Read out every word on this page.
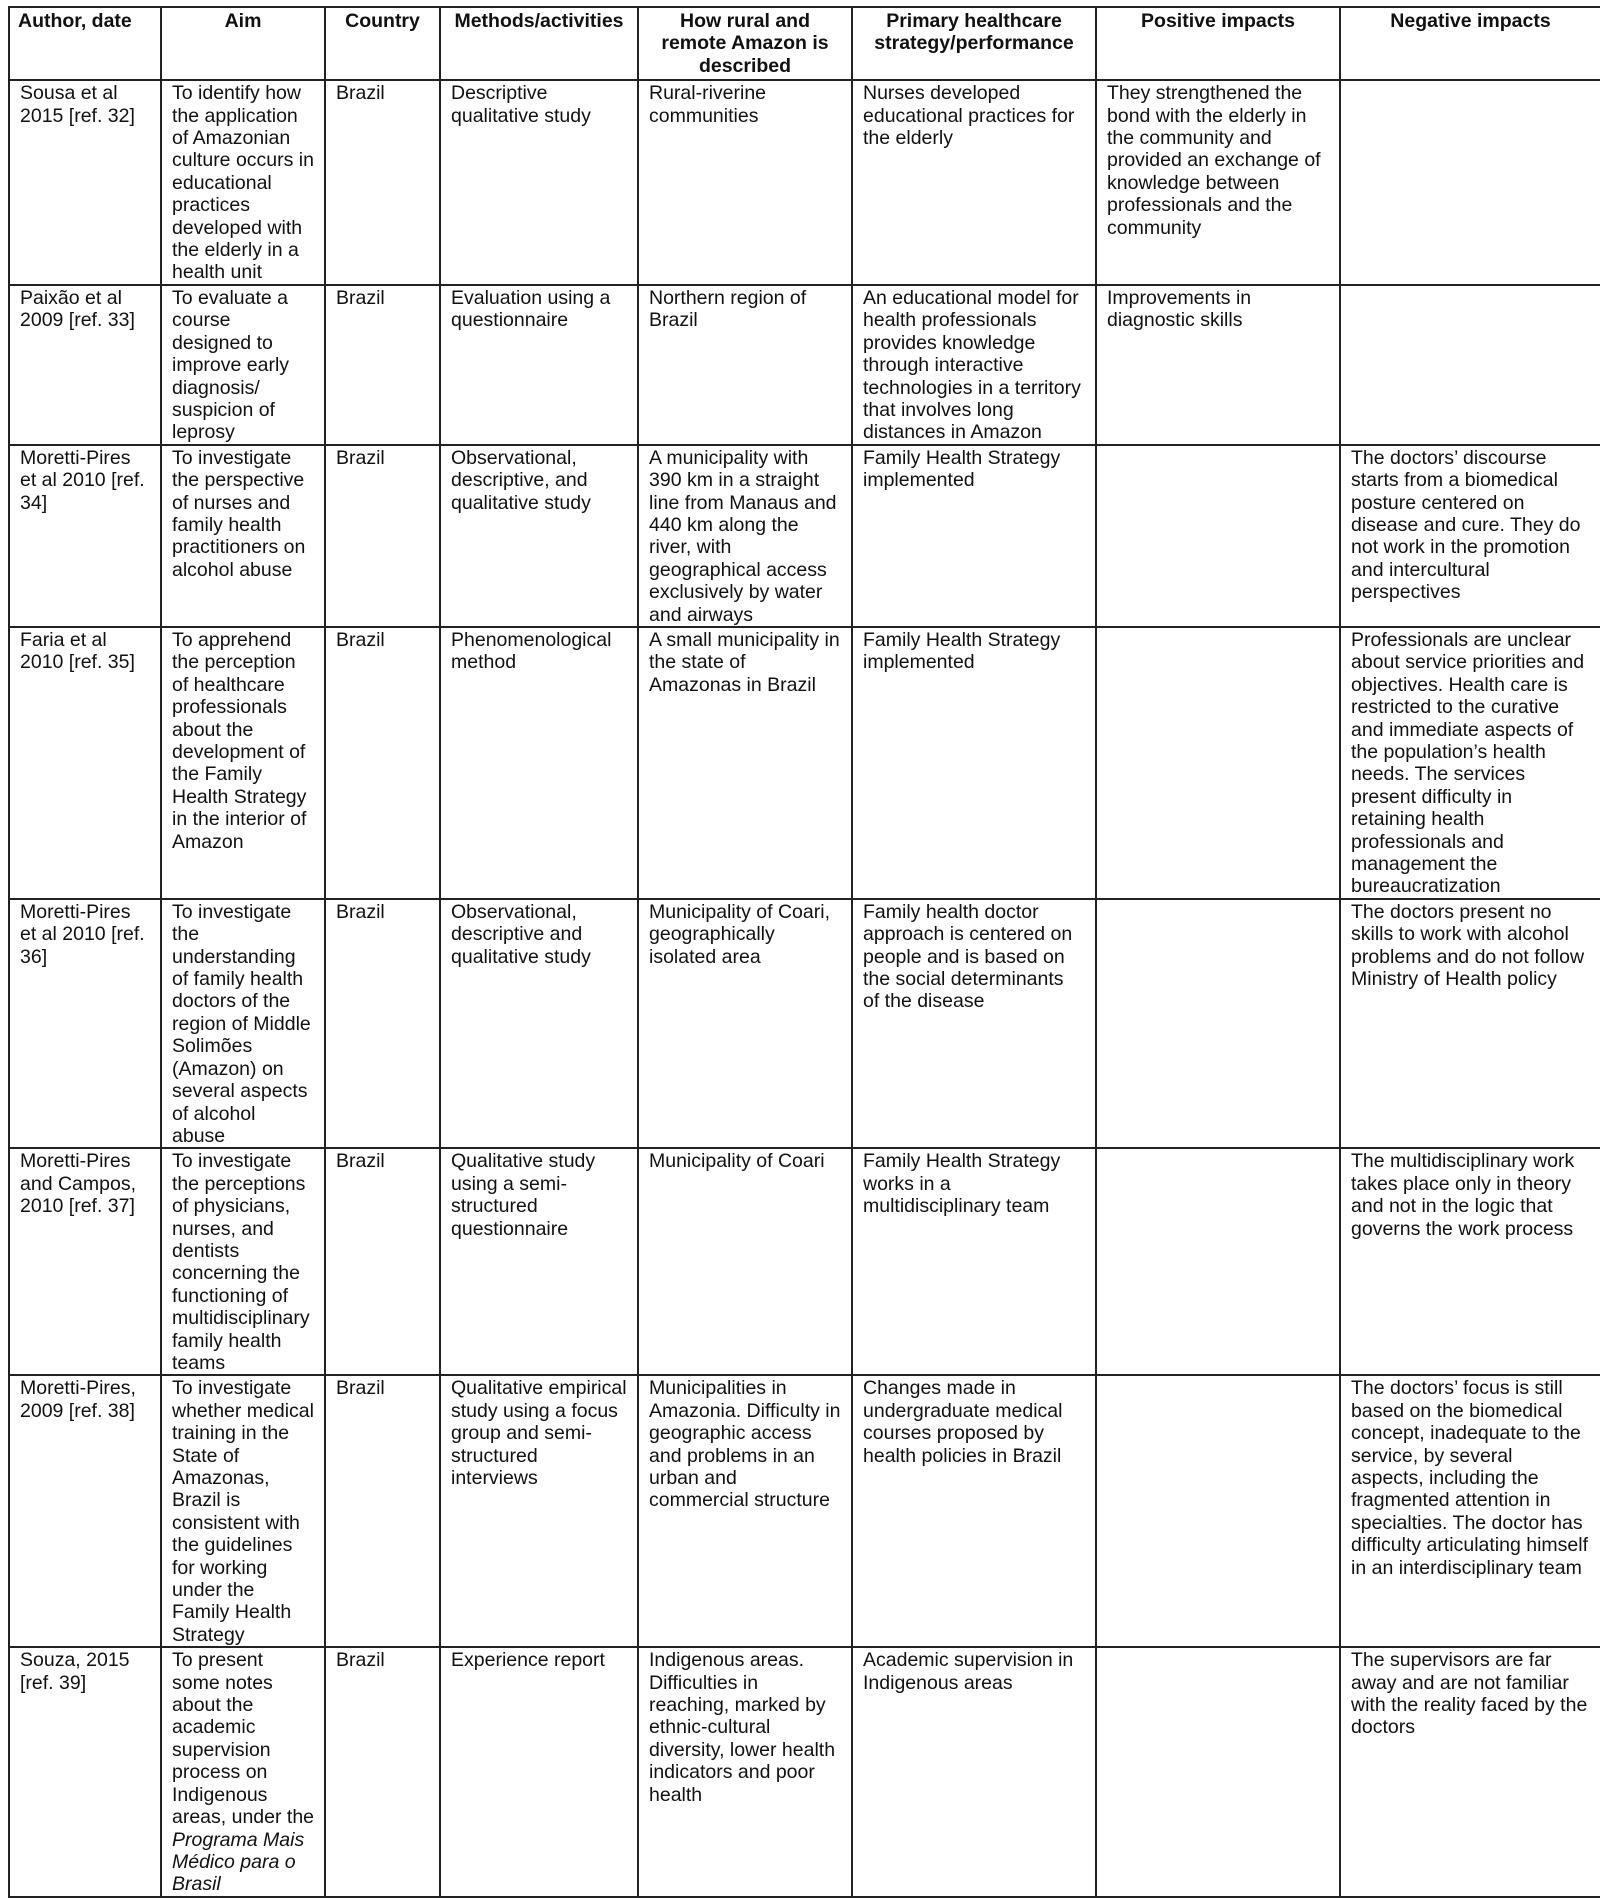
Author, date	Aim	Country	Methods/activities	How rural and remote Amazon is described	Primary healthcare strategy/performance	Positive impacts	Negative impacts
Sousa et al 2015 [ref. 32]	To identify how the application of Amazonian culture occurs in educational practices developed with the elderly in a health unit	Brazil	Descriptive qualitative study	Rural-riverine communities	Nurses developed educational practices for the elderly	They strengthened the bond with the elderly in the community and provided an exchange of knowledge between professionals and the community	
Paixão et al 2009 [ref. 33]	To evaluate a course designed to improve early diagnosis/ suspicion of leprosy	Brazil	Evaluation using a questionnaire	Northern region of Brazil	An educational model for health professionals provides knowledge through interactive technologies in a territory that involves long distances in Amazon	Improvements in diagnostic skills	
Moretti-Pires et al 2010 [ref. 34]	To investigate the perspective of nurses and family health practitioners on alcohol abuse	Brazil	Observational, descriptive, and qualitative study	A municipality with 390 km in a straight line from Manaus and 440 km along the river, with geographical access exclusively by water and airways	Family Health Strategy implemented		The doctors’ discourse starts from a biomedical posture centered on disease and cure. They do not work in the promotion and intercultural perspectives
Faria et al 2010 [ref. 35]	To apprehend the perception of healthcare professionals about the development of the Family Health Strategy in the interior of Amazon	Brazil	Phenomenological method	A small municipality in the state of Amazonas in Brazil	Family Health Strategy implemented		Professionals are unclear about service priorities and objectives. Health care is restricted to the curative and immediate aspects of the population’s health needs. The services present difficulty in retaining health professionals and management the bureaucratization
Moretti-Pires et al 2010 [ref. 36]	To investigate the understanding of family health doctors of the region of Middle Solimões (Amazon) on several aspects of alcohol abuse	Brazil	Observational, descriptive and qualitative study	Municipality of Coari, geographically isolated area	Family health doctor approach is centered on people and is based on the social determinants of the disease		The doctors present no skills to work with alcohol problems and do not follow Ministry of Health policy
Moretti-Pires and Campos, 2010 [ref. 37]	To investigate the perceptions of physicians, nurses, and dentists concerning the functioning of multidisciplinary family health teams	Brazil	Qualitative study using a semi-structured questionnaire	Municipality of Coari	Family Health Strategy works in a multidisciplinary team		The multidisciplinary work takes place only in theory and not in the logic that governs the work process
Moretti-Pires, 2009 [ref. 38]	To investigate whether medical training in the State of Amazonas, Brazil is consistent with the guidelines for working under the Family Health Strategy	Brazil	Qualitative empirical study using a focus group and semi-structured interviews	Municipalities in Amazonia. Difficulty in geographic access and problems in an urban and commercial structure	Changes made in undergraduate medical courses proposed by health policies in Brazil		The doctors’ focus is still based on the biomedical concept, inadequate to the service, by several aspects, including the fragmented attention in specialties. The doctor has difficulty articulating himself in an interdisciplinary team
Souza, 2015 [ref. 39]	To present some notes about the academic supervision process on Indigenous areas, under the Programa Mais Médico para o Brasil	Brazil	Experience report	Indigenous areas. Difficulties in reaching, marked by ethnic-cultural diversity, lower health indicators and poor health	Academic supervision in Indigenous areas		The supervisors are far away and are not familiar with the reality faced by the doctors
